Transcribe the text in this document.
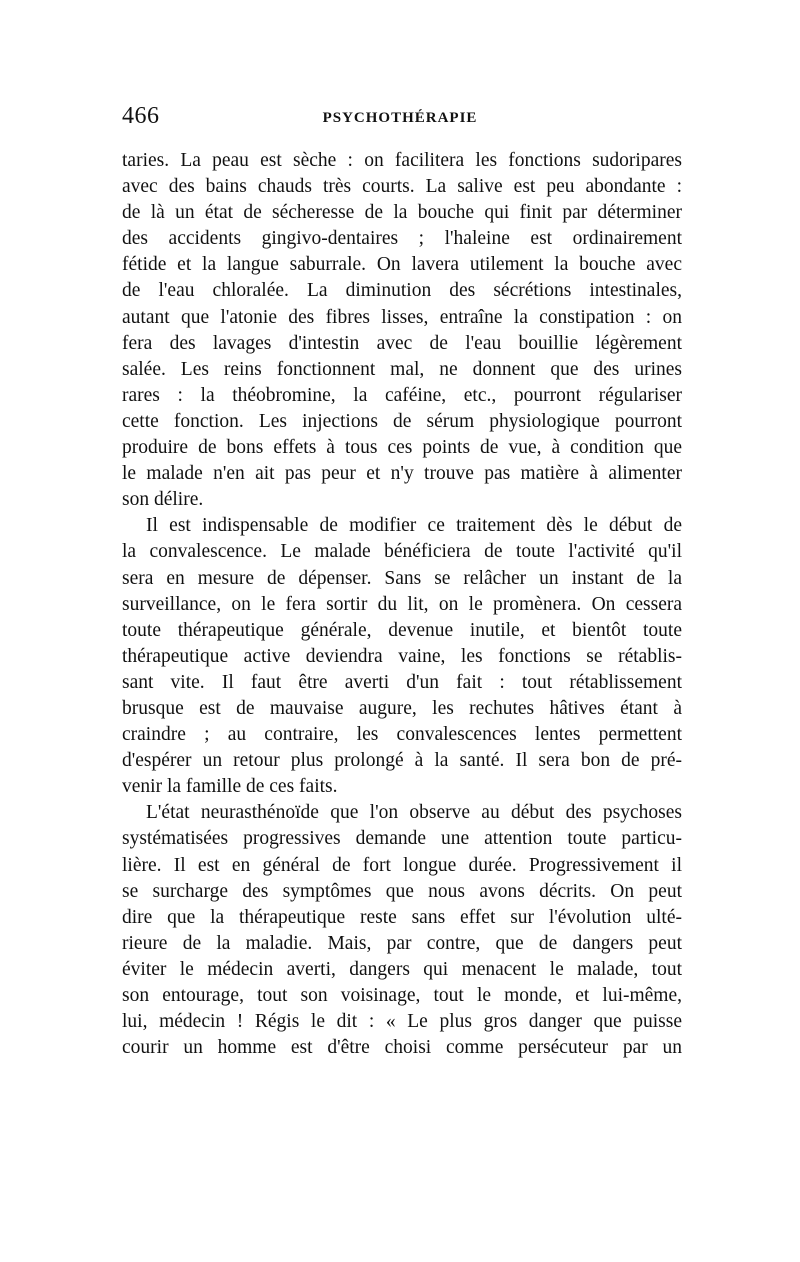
466	PSYCHOTHÉRAPIE
taries. La peau est sèche : on facilitera les fonctions sudoripares
avec des bains chauds très courts. La salive est peu abondante :
de là un état de sécheresse de la bouche qui finit par déterminer
des accidents gingivo-dentaires ; l'haleine est ordinairement
fétide et la langue saburrale. On lavera utilement la bouche avec
de l'eau chloralée. La diminution des sécrétions intestinales,
autant que l'atonie des fibres lisses, entraîne la constipation : on
fera des lavages d'intestin avec de l'eau bouillie légèrement
salée. Les reins fonctionnent mal, ne donnent que des urines
rares : la théobromine, la caféine, etc., pourront régulariser
cette fonction. Les injections de sérum physiologique pourront
produire de bons effets à tous ces points de vue, à condition que
le malade n'en ait pas peur et n'y trouve pas matière à alimenter
son délire.
Il est indispensable de modifier ce traitement dès le début de
la convalescence. Le malade bénéficiera de toute l'activité qu'il
sera en mesure de dépenser. Sans se relâcher un instant de la
surveillance, on le fera sortir du lit, on le promènera. On cessera
toute thérapeutique générale, devenue inutile, et bientôt toute
thérapeutique active deviendra vaine, les fonctions se rétablis-
sant vite. Il faut être averti d'un fait : tout rétablissement
brusque est de mauvaise augure, les rechutes hâtives étant à
craindre ; au contraire, les convalescences lentes permettent
d'espérer un retour plus prolongé à la santé. Il sera bon de pré-
venir la famille de ces faits.
L'état neurasthénoïde que l'on observe au début des psychoses
systématisées progressives demande une attention toute particu-
lière. Il est en général de fort longue durée. Progressivement il
se surcharge des symptômes que nous avons décrits. On peut
dire que la thérapeutique reste sans effet sur l'évolution ulté-
rieure de la maladie. Mais, par contre, que de dangers peut
éviter le médecin averti, dangers qui menacent le malade, tout
son entourage, tout son voisinage, tout le monde, et lui-même,
lui, médecin ! Régis le dit : « Le plus gros danger que puisse
courir un homme est d'être choisi comme persécuteur par un
